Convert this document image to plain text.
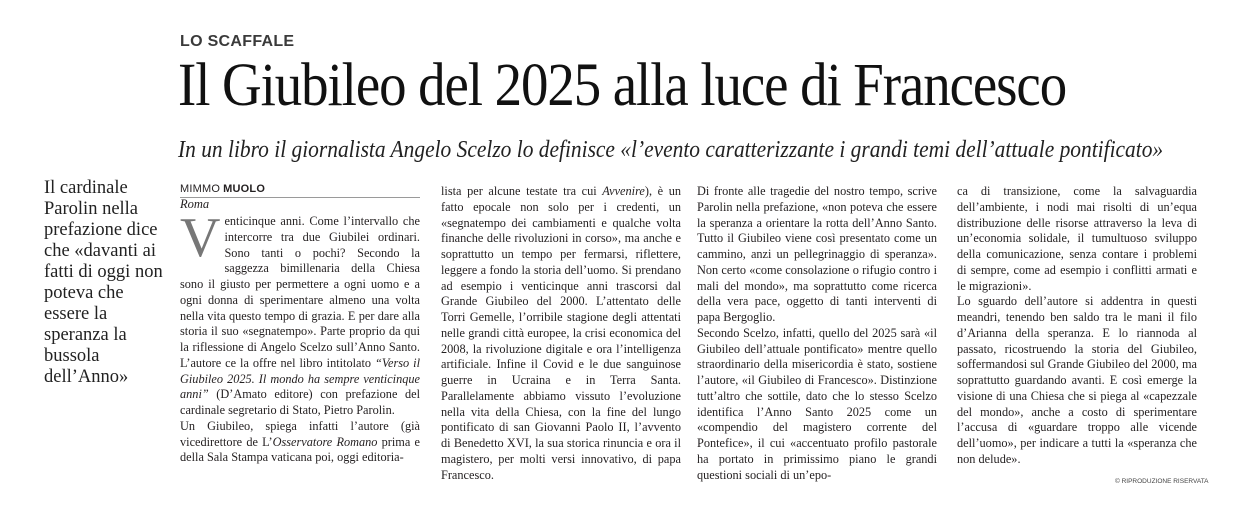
LO SCAFFALE
Il Giubileo del 2025 alla luce di Francesco
In un libro il giornalista Angelo Scelzo lo definisce «l’evento caratterizzante i grandi temi dell’attuale pontificato»
Il cardinale Parolin nella prefazione dice che «davanti ai fatti di oggi non poteva che essere la speranza la bussola dell’Anno»
MIMMO MUOLO
Roma

Venticinque anni. Come l’intervallo che intercorre tra due Giubilei ordinari. Sono tanti o pochi? Secondo la saggezza bimillenaria della Chiesa sono il giusto per permettere a ogni uomo e a ogni donna di sperimentare almeno una volta nella vita questo tempo di grazia. E per dare alla storia il suo «segnatempo». Parte proprio da qui la riflessione di Angelo Scelzo sull’Anno Santo. L’autore ce la offre nel libro intitolato “Verso il Giubileo 2025. Il mondo ha sempre venticinque anni” (D’Amato editore) con prefazione del cardinale segretario di Stato, Pietro Parolin.

Un Giubileo, spiega infatti l’autore (già vicedirettore de L’Osservatore Romano prima e della Sala Stampa vaticana poi, oggi editoria-

lista per alcune testate tra cui Avvenire), è un fatto epocale non solo per i credenti, un «segnatempo dei cambiamenti e qualche volta finanche delle rivoluzioni in corso», ma anche e soprattutto un tempo per fermarsi, riflettere, leggere a fondo la storia dell’uomo. Si prendano ad esempio i venticinque anni trascorsi dal Grande Giubileo del 2000. L’attentato delle Torri Gemelle, l’orribile stagione degli attentati nelle grandi città europee, la crisi economica del 2008, la rivoluzione digitale e ora l’intelligenza artificiale. Infine il Covid e le due sanguinose guerre in Ucraina e in Terra Santa. Parallelamente abbiamo vissuto l’evoluzione nella vita della Chiesa, con la fine del lungo pontificato di san Giovanni Paolo II, l’avvento di Benedetto XVI, la sua storica rinuncia e ora il magistero, per molti versi innovativo, di papa Francesco.

Di fronte alle tragedie del nostro tempo, scrive Parolin nella prefazione, «non poteva che essere la speranza a orientare la rotta dell’Anno Santo. Tutto il Giubileo viene così presentato come un cammino, anzi un pellegrinaggio di speranza». Non certo «come consolazione o rifugio contro i mali del mondo», ma soprattutto come ricerca della vera pace, oggetto di tanti interventi di papa Bergoglio.

Secondo Scelzo, infatti, quello del 2025 sarà «il Giubileo dell’attuale pontificato» mentre quello straordinario della misericordia è stato, sostiene l’autore, «il Giubileo di Francesco». Distinzione tutt’altro che sottile, dato che lo stesso Scelzo identifica l’Anno Santo 2025 come un «compendio del magistero corrente del Pontefice», il cui «accentuato profilo pastorale ha portato in primissimo piano le grandi questioni sociali di un’epo-

ca di transizione, come la salvaguardia dell’ambiente, i nodi mai risolti di un’equa distribuzione delle risorse attraverso la leva di un’economia solidale, il tumultuoso sviluppo della comunicazione, senza contare i problemi di sempre, come ad esempio i conflitti armati e le migrazioni».

Lo sguardo dell’autore si addentra in questi meandri, tenendo ben saldo tra le mani il filo d’Arianna della speranza. E lo riannoda al passato, ricostruendo la storia del Giubileo, soffermandosi sul Grande Giubileo del 2000, ma soprattutto guardando avanti. E così emerge la visione di una Chiesa che si piega al «capezzale del mondo», anche a costo di sperimentare l’accusa di «guardare troppo alle vicende dell’uomo», per indicare a tutti la «speranza che non delude».

© RIPRODUZIONE RISERVATA
